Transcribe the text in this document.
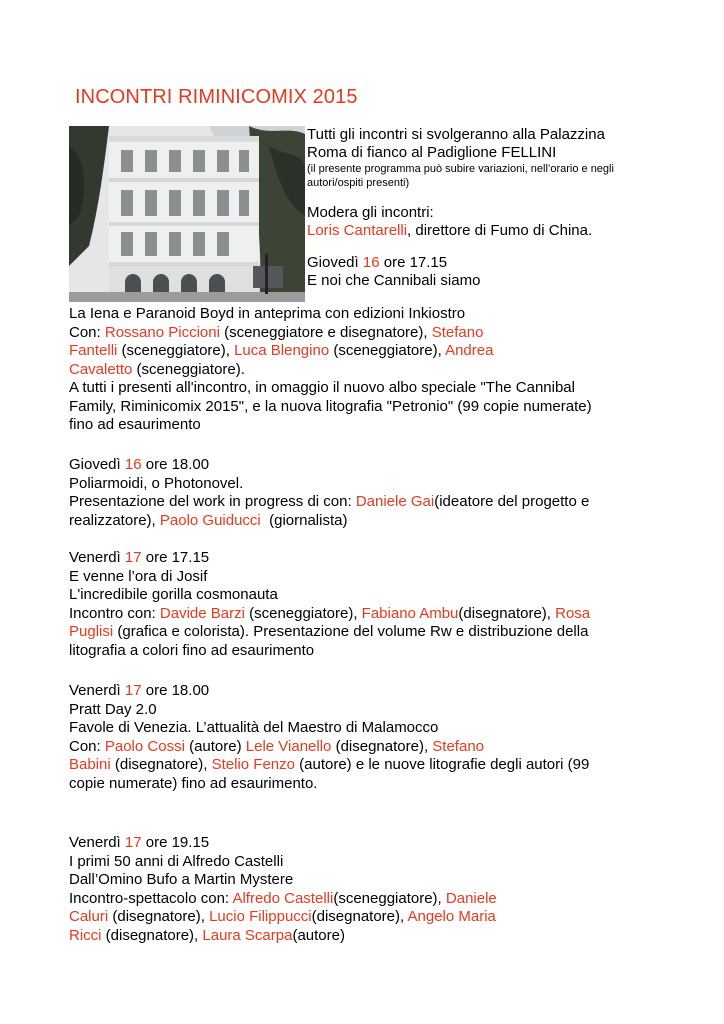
INCONTRI RIMINICOMIX 2015
Tutti gli incontri si svolgeranno alla Palazzina
Roma di fianco al Padiglione FELLINI
(il presente programma può subire variazioni, nell’orario e negli
autori/ospiti presenti)
Modera gli incontri:
Loris Cantarelli, direttore di Fumo di China.
Giovedì 16 ore 17.15
E noi che Cannibali siamo
La Iena e Paranoid Boyd in anteprima con edizioni Inkiostro
Con: Rossano Piccioni (sceneggiatore e disegnatore), Stefano
Fantelli (sceneggiatore), Luca Blengino (sceneggiatore), Andrea
Cavaletto (sceneggiatore).
A tutti i presenti all'incontro, in omaggio il nuovo albo speciale "The Cannibal
Family, Riminicomix 2015", e la nuova litografia "Petronio" (99 copie numerate)
fino ad esaurimento
Giovedì 16 ore 18.00
Poliarmoidi, o Photonovel.
Presentazione del work in progress di con: Daniele Gai(ideatore del progetto e
realizzatore), Paolo Guiducci  (giornalista)
Venerdì 17 ore 17.15
E venne l’ora di Josif
L'incredibile gorilla cosmonauta
Incontro con: Davide Barzi (sceneggiatore), Fabiano Ambu(disegnatore), Rosa
Puglisi (grafica e colorista). Presentazione del volume Rw e distribuzione della
litografia a colori fino ad esaurimento
Venerdì 17 ore 18.00
Pratt Day 2.0
Favole di Venezia. L’attualità del Maestro di Malamocco
Con: Paolo Cossi (autore) Lele Vianello (disegnatore), Stefano
Babini (disegnatore), Stelio Fenzo (autore) e le nuove litografie degli autori (99
copie numerate) fino ad esaurimento.
Venerdì 17 ore 19.15
I primi 50 anni di Alfredo Castelli
Dall’Omino Bufo a Martin Mystere
Incontro-spettacolo con: Alfredo Castelli(sceneggiatore), Daniele
Caluri (disegnatore), Lucio Filippucci(disegnatore), Angelo Maria
Ricci (disegnatore), Laura Scarpa(autore)
